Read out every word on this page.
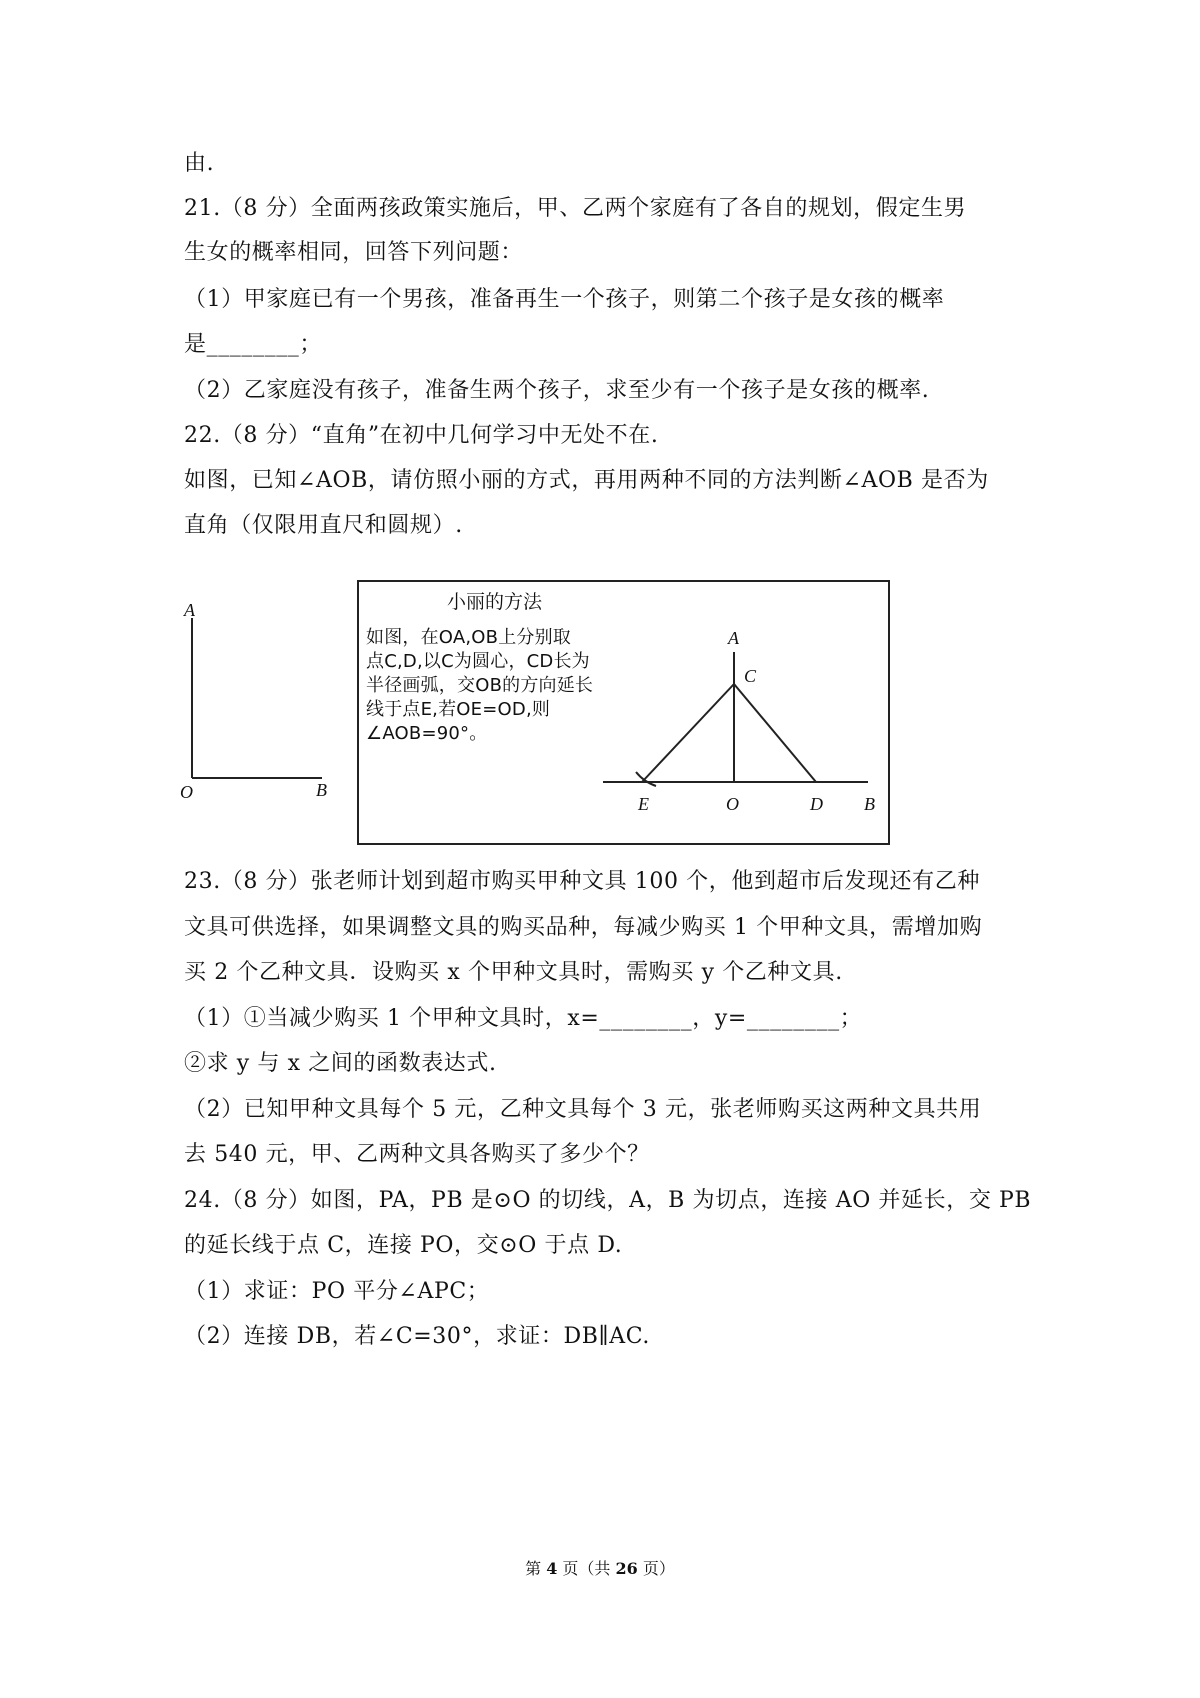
由.
21.（8 分）全面两孩政策实施后，甲、乙两个家庭有了各自的规划，假定生男
生女的概率相同，回答下列问题：
（1）甲家庭已有一个男孩，准备再生一个孩子，则第二个孩子是女孩的概率
是________；
（2）乙家庭没有孩子，准备生两个孩子，求至少有一个孩子是女孩的概率.
22.（8 分）“直角”在初中几何学习中无处不在.
如图，已知∠AOB，请仿照小丽的方式，再用两种不同的方法判断∠AOB 是否为
直角（仅限用直尺和圆规）.
A
O	B
小丽的方法
如图，在OA,OB上分别取
点C,D,以C为圆心，CD长为
半径画弧，交OB的方向延长
线于点E,若OE=OD,则
∠AOB=90°。
A
C
E	O	D B
23.（8 分）张老师计划到超市购买甲种文具 100 个，他到超市后发现还有乙种
文具可供选择，如果调整文具的购买品种，每减少购买 1 个甲种文具，需增加购
买 2 个乙种文具．设购买 x 个甲种文具时，需购买 y 个乙种文具.
（1）①当减少购买 1 个甲种文具时，x=________，y=________；
②求 y 与 x 之间的函数表达式.
（2）已知甲种文具每个 5 元，乙种文具每个 3 元，张老师购买这两种文具共用
去 540 元，甲、乙两种文具各购买了多少个？
24.（8 分）如图，PA，PB 是⊙O 的切线，A，B 为切点，连接 AO 并延长，交 PB
的延长线于点 C，连接 PO，交⊙O 于点 D.
（1）求证：PO 平分∠APC；
（2）连接 DB，若∠C=30°，求证：DB∥AC.
第 4 页（共 26 页）
